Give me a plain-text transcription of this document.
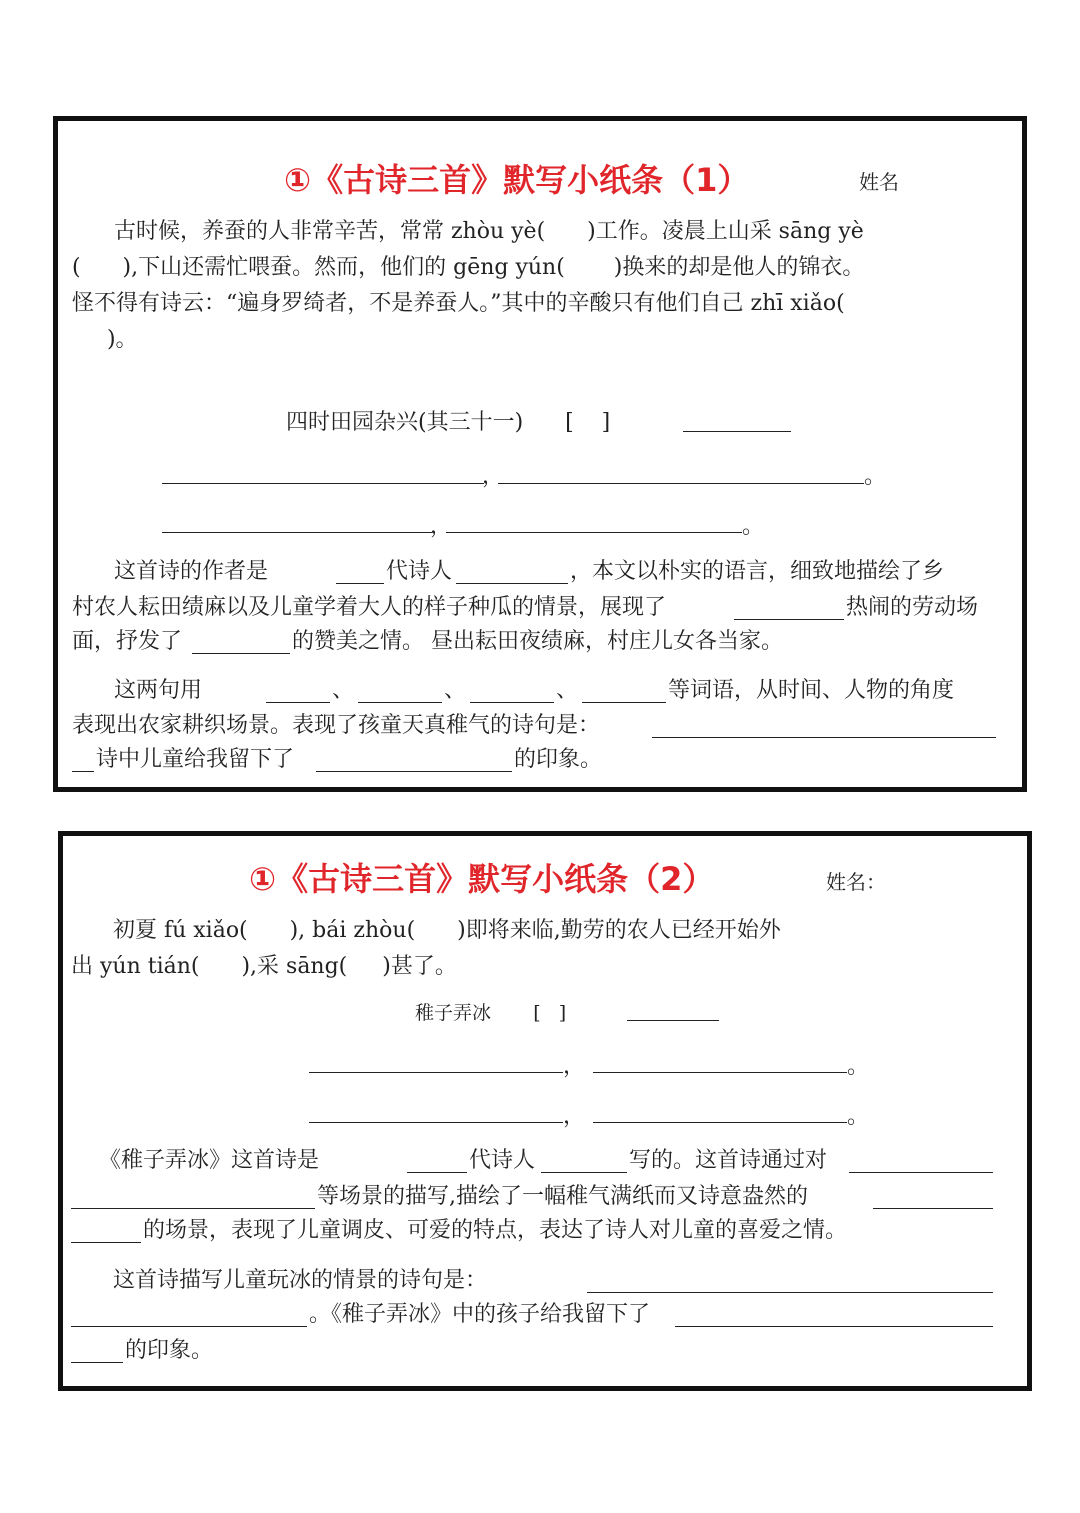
①《古诗三首》默写小纸条（1）	姓名
古时候，养蚕的人非常辛苦，常常 zhòu yè(      )工作。凌晨上山采 sāng yè
(      ),下山还需忙喂蚕。然而，他们的 gēng yún(       )换来的却是他人的锦衣。
怪不得有诗云：“遍身罗绮者，不是养蚕人。”其中的辛酸只有他们自己 zhī xiǎo(
)。
四时田园杂兴(其三十一)      [    ]
，	。
，	。
这首诗的作者是	代诗人	，本文以朴实的语言，细致地描绘了乡
村农人耘田绩麻以及儿童学着大人的样子种瓜的情景，展现了	热闹的劳动场
面，抒发了	的赞美之情。 昼出耘田夜绩麻，村庄儿女各当家。
这两句用	、	、	、	等词语，从时间、人物的角度
表现出农家耕织场景。表现了孩童天真稚气的诗句是：
诗中儿童给我留下了	的印象。
①《古诗三首》默写小纸条（2）	姓名：
初夏 fú xiǎo(      ), bái zhòu(      )即将来临,勤劳的农人已经开始外
出 yún tián(      ),采 sāng(     )甚了。
稚子弄冰       [   ]
，	。
，	。
《稚子弄冰》这首诗是	代诗人	写的。这首诗通过对
等场景的描写,描绘了一幅稚气满纸而又诗意盎然的
的场景，表现了儿童调皮、可爱的特点，表达了诗人对儿童的喜爱之情。
这首诗描写儿童玩冰的情景的诗句是：
。《稚子弄冰》中的孩子给我留下了
的印象。
